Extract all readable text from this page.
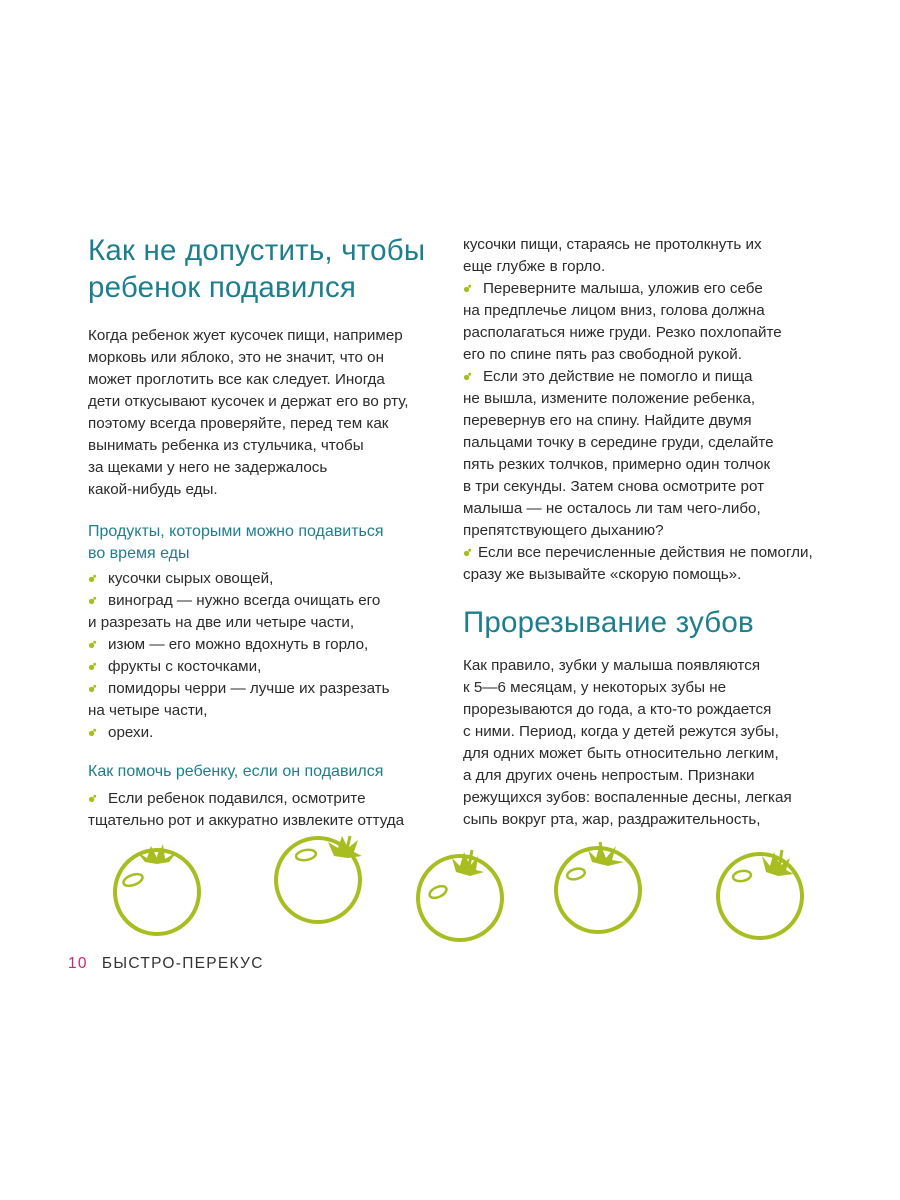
Как не допустить, чтобы
ребенок подавился

Когда ребенок жует кусочек пищи, например
морковь или яблоко, это не значит, что он
может проглотить все как следует. Иногда
дети откусывают кусочек и держат его во рту,
поэтому всегда проверяйте, перед тем как
вынимать ребенка из стульчика, чтобы
за щеками у него не задержалось
какой-нибудь еды.

Продукты, которыми можно подавиться
во время еды
кусочки сырых овощей,
виноград — нужно всегда очищать его
и разрезать на две или четыре части,
изюм — его можно вдохнуть в горло,
фрукты с косточками,
помидоры черри — лучше их разрезать
на четыре части,
орехи.
Как помочь ребенку, если он подавился
Если ребенок подавился, осмотрите
тщательно рот и аккуратно извлеките оттуда

кусочки пищи, стараясь не протолкнуть их
еще глубже в горло.

Переверните малыша, уложив его себе
на предплечье лицом вниз, голова должна
располагаться ниже груди. Резко похлопайте
его по спине пять раз свободной рукой.
Если это действие не помогло и пища
не вышла, измените положение ребенка,
перевернув его на спину. Найдите двумя
пальцами точку в середине груди, сделайте
пять резких толчков, примерно один толчок
в три секунды. Затем снова осмотрите рот
малыша — не осталось ли там чего-либо,
препятствующего дыханию?
Если все перечисленные действия не помогли,
сразу же вызывайте «скорую помощь».
Прорезывание зубов

Как правило, зубки у малыша появляются
к 5—6 месяцам, у некоторых зубы не
прорезываются до года, а кто-то рождается
с ними. Период, когда у детей режутся зубы,
для одних может быть относительно легким,
а для других очень непростым. Признаки
режущихся зубов: воспаленные десны, легкая
сыпь вокруг рта, жар, раздражительность,

10 БЫСТРО-ПЕРЕКУС
